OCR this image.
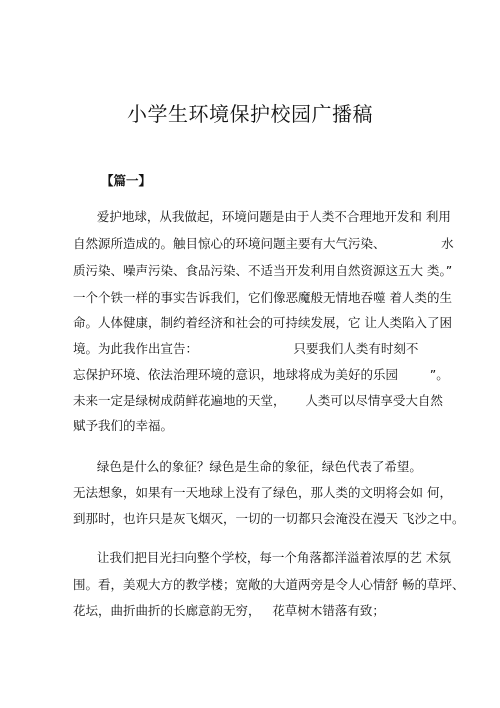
小学生环境保护校园广播稿
【篇一】
爱护地球，从我做起，环境问题是由于人类不合理地开发和 利用
自然源所造成的。触目惊心的环境问题主要有大气污染、              水
质污染、噪声污染、食品污染、不适当开发利用自然资源这五大 类。”
一个个铁一样的事实告诉我们，它们像恶魔般无情地吞噬 着人类的生
命。人体健康，制约着经济和社会的可持续发展，它 让人类陷入了困
境。为此我作出宣告：                        只要我们人类有时刻不
忘保护环境、依法治理环境的意识，地球将成为美好的乐园        ”。
未来一定是绿树成荫鲜花遍地的天堂，     人类可以尽情享受大自然
赋予我们的幸福。
绿色是什么的象征？绿色是生命的象征，绿色代表了希望。
无法想象，如果有一天地球上没有了绿色，那人类的文明将会如 何，
到那时，也许只是灰飞烟灭，一切的一切都只会淹没在漫天 飞沙之中。
让我们把目光扫向整个学校，每一个角落都洋溢着浓厚的艺 术氛
围。看，美观大方的教学楼；宽敞的大道两旁是令人心情舒 畅的草坪、
花坛，曲折曲折的长廊意韵无穷，   花草树木错落有致；
